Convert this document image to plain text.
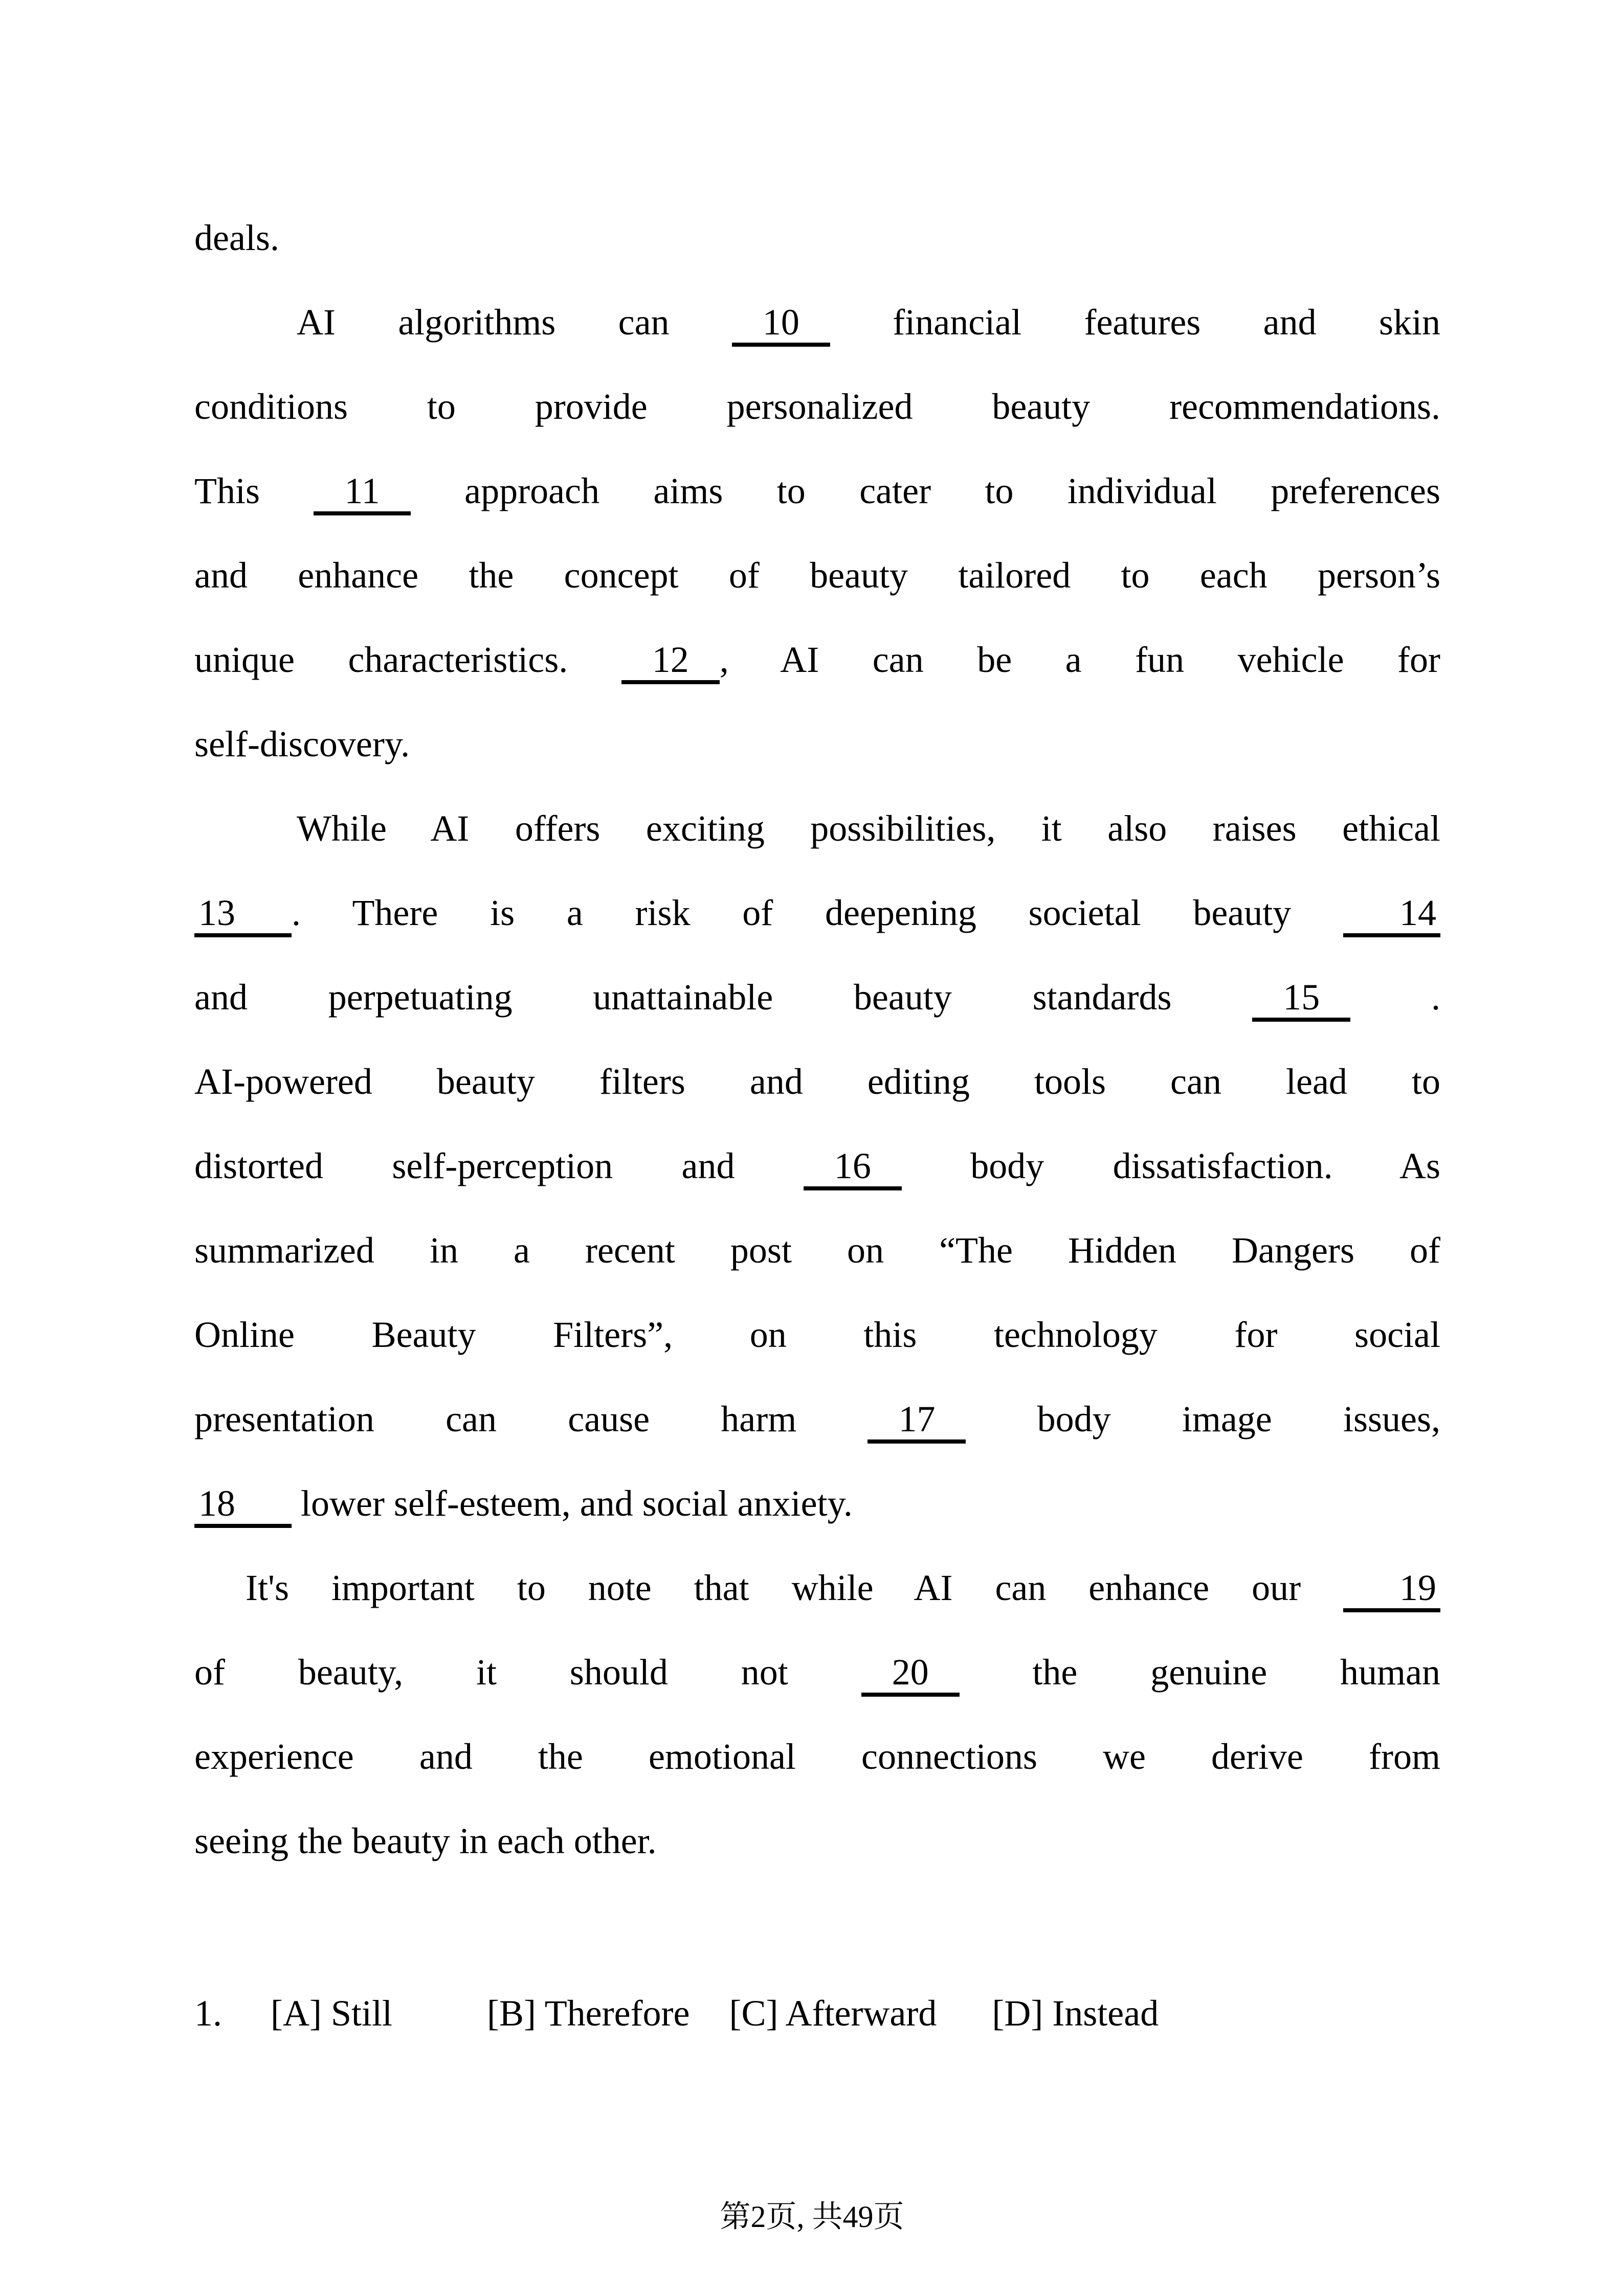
deals.
AI algorithms can 10 financial features and skin
conditions to provide personalized beauty recommendations.
This 11 approach aims to cater to individual preferences
and enhance the concept of beauty tailored to each person’s
unique characteristics. 12 , AI can be a fun vehicle for
self-discovery.
While AI offers exciting possibilities, it also raises ethical
13 . There is a risk of deepening societal beauty 14
and perpetuating unattainable beauty standards 15 .
AI-powered beauty filters and editing tools can lead to
distorted self-perception and 16 body dissatisfaction. As
summarized in a recent post on “The Hidden Dangers of
Online Beauty Filters”, on this technology for social
presentation can cause harm 17 body image issues,
18 lower self-esteem, and social anxiety.
It's important to note that while AI can enhance our 19
of beauty, it should not 20 the genuine human
experience and the emotional connections we derive from
seeing the beauty in each other.
1. [A] Still	[B] Therefore [C] Afterward [D] Instead
第2页, 共49页
